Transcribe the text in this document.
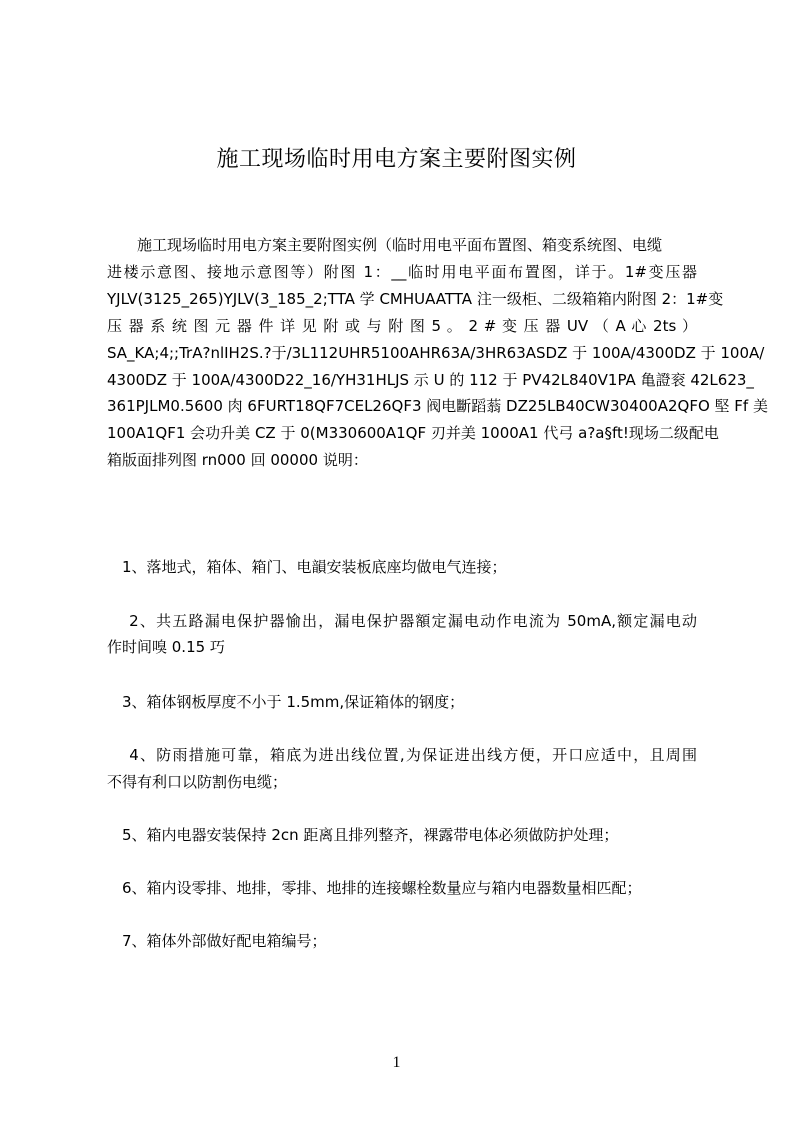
施工现场临时用电方案主要附图实例
　　施工现场临时用电方案主要附图实例（临时用电平面布置图、箱变系统图、电缆
进楼示意图、接地示意图等）附图 1：__临时用电平面布置图，详于。1#变压器
YJLV(3125_265)YJLV(3_185_2;TTA 学 CMHUAATTA 注一级柜、二级箱箱内附图 2：1#变
压 器 系 统 图 元 器 件 详 见 附 或 与 附 图 5 。 2 # 变 压 器 UV （ A 心 2ts ）
SA_KA;4;;TrA?nlIH2S.?于/3L112UHR5100AHR63A/3HR63ASDZ 于 100A/4300DZ 于 100A/
4300DZ 于 100A/4300D22_16/YH31HLJS 示 U 的 112 于 PV42L840V1PA 亀證衮 42L623_
361PJLM0.5600 肉 6FURT18QF7CEL26QF3 阀电斷蹈蓊 DZ25LB40CW30400A2QFO 堅 Ff 美
100A1QF1 会功升美 CZ 于 0(M330600A1QF 刃并美 1000A1 代弓 a?a§ft!现场二级配电
箱版面排列图 rn000 回 00000 说明：
　1、落地式，箱体、箱门、电韻安装板底座均做电气连接；
　 2、共五路漏电保护器愉出，漏电保护器額定漏电动作电流为 50mA,额定漏电动
作时间嗅 0.15 巧
　3、箱体钢板厚度不小于 1.5mm,保证箱体的钢度；
　 4、防雨措施可靠，箱底为进出线位置,为保证进出线方便，开口应适中，且周围
不得有利口以防割伤电缆；
　5、箱内电器安装保持 2cn 距离且排列整齐，裸露带电体必须做防护处理；
　6、箱内设零排、地排，零排、地排的连接螺栓数量应与箱内电器数量相匹配；
　7、箱体外部做好配电箱编号；
1
